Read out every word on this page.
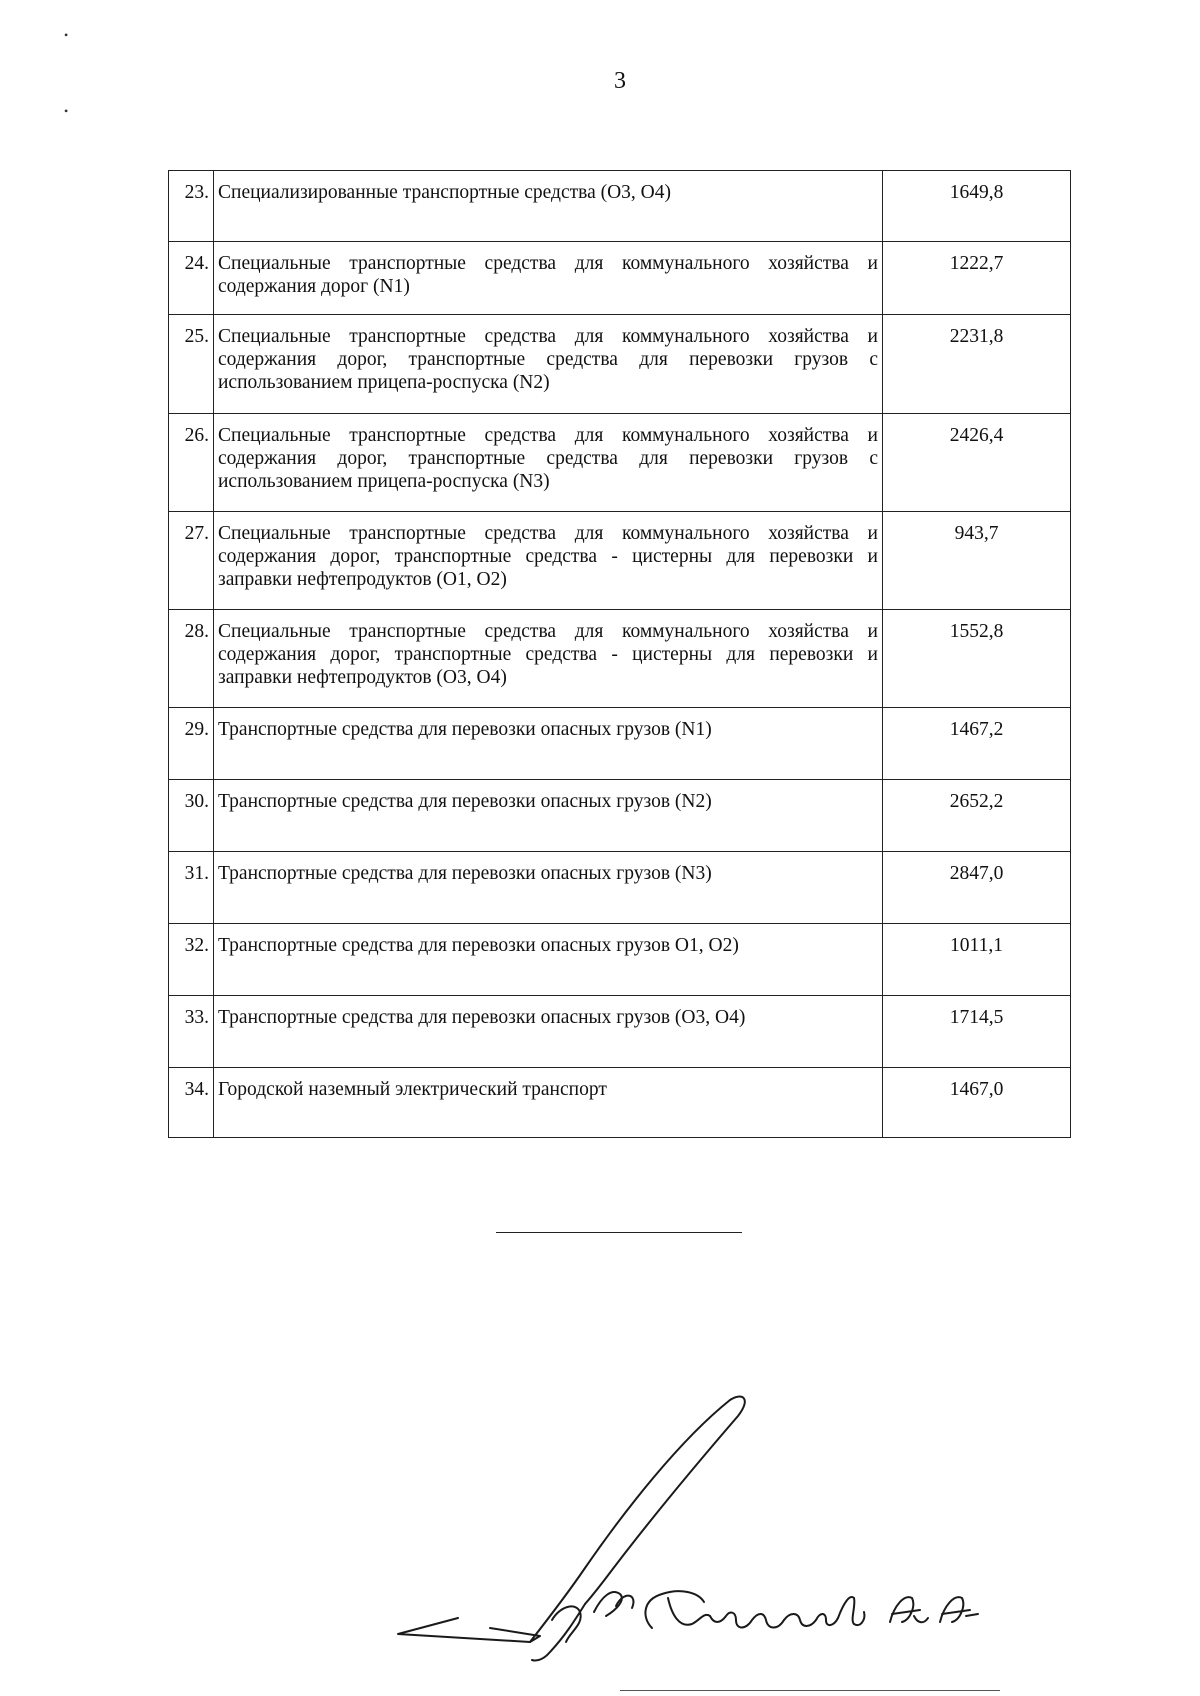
•
•
3
23.	Специализированные транспортные средства (O3, O4)	1649,8
24.	Специальные транспортные средства для коммунального хозяйства и содержания дорог (N1)	1222,7
25.	Специальные транспортные средства для коммунального хозяйства и содержания дорог, транспортные средства для перевозки грузов с использованием прицепа-роспуска (N2)	2231,8
26.	Специальные транспортные средства для коммунального хозяйства и содержания дорог, транспортные средства для перевозки грузов с использованием прицепа-роспуска (N3)	2426,4
27.	Специальные транспортные средства для коммунального хозяйства и содержания дорог, транспортные средства - цистерны для перевозки и заправки нефтепродуктов (O1, O2)	943,7
28.	Специальные транспортные средства для коммунального хозяйства и содержания дорог, транспортные средства - цистерны для перевозки и заправки нефтепродуктов (O3, O4)	1552,8
29.	Транспортные средства для перевозки опасных грузов (N1)	1467,2
30.	Транспортные средства для перевозки опасных грузов (N2)	2652,2
31.	Транспортные средства для перевозки опасных грузов (N3)	2847,0
32.	Транспортные средства для перевозки опасных грузов O1, O2)	1011,1
33.	Транспортные средства для перевозки опасных грузов (O3, O4)	1714,5
34.	Городской наземный электрический транспорт	1467,0
